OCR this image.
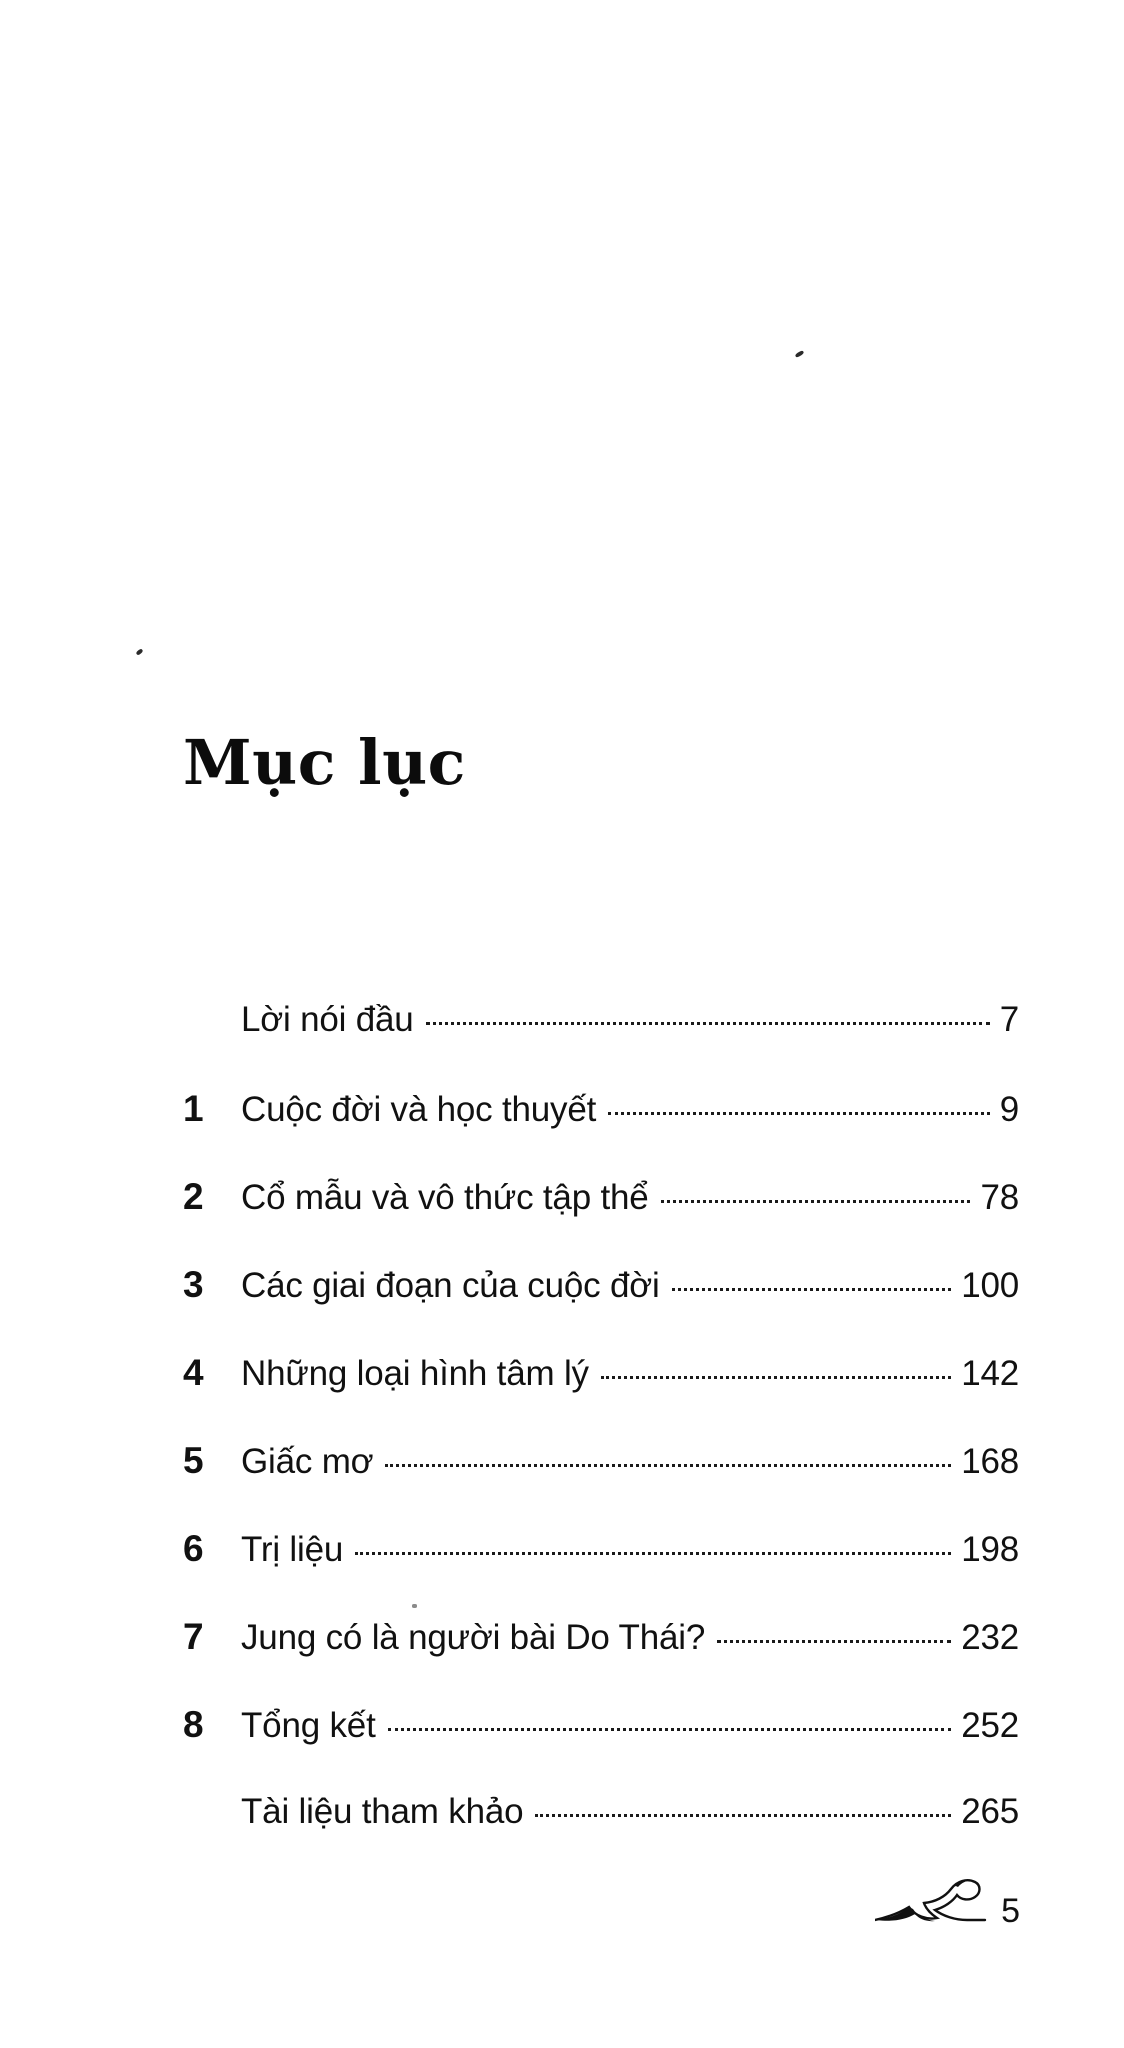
Mục lục
Lời nói đầu	7
1	Cuộc đời và học thuyết	9
2	Cổ mẫu và vô thức tập thể	78
3	Các giai đoạn của cuộc đời	100
4	Những loại hình tâm lý	142
5	Giấc mơ	168
6	Trị liệu	198
7	Jung có là người bài Do Thái?	232
8	Tổng kết	252
Tài liệu tham khảo	265
5
